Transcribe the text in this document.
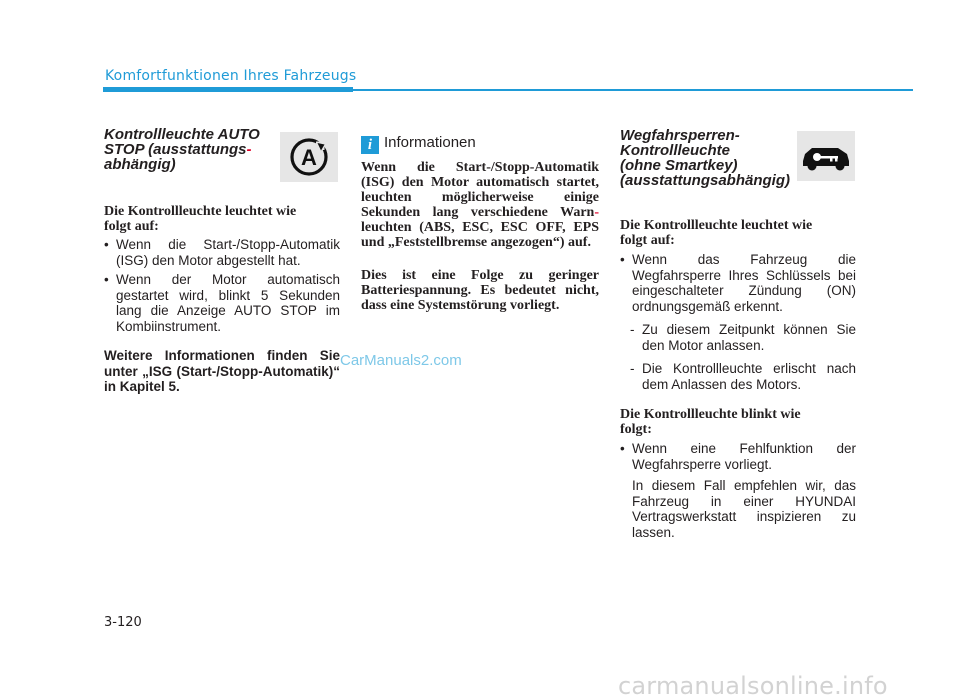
Komfortfunktionen Ihres Fahrzeugs
Kontrollleuchte AUTO
STOP (ausstattungs-
abhängig)	A
Die Kontrollleuchte leuchtet wie
folgt auf:
• Wenn die Start-/Stopp-Automatik (ISG) den Motor abgestellt hat.
• Wenn der Motor automatisch gestartet wird, blinkt 5 Sekunden lang die Anzeige AUTO STOP im Kombiinstrument.
Weitere Informationen finden Sie unter „ISG (Start-/Stopp-Automatik)“ in Kapitel 5.
i Informationen
Wenn die Start-/Stopp-Automatik (ISG) den Motor automatisch startet, leuchten möglicherweise einige Sekunden lang verschiedene Warn- leuchten (ABS, ESC, ESC OFF, EPS und „Feststellbremse angezogen“) auf.
Dies ist eine Folge zu geringer Batteriespannung. Es bedeutet nicht, dass eine Systemstörung vorliegt.
Wegfahrsperren-
Kontrollleuchte
(ohne Smartkey)
(ausstattungsabhängig)
Die Kontrollleuchte leuchtet wie
folgt auf:
• Wenn das Fahrzeug die Wegfahrsperre Ihres Schlüssels bei eingeschalteter Zündung (ON) ordnungsgemäß erkennt.
- Zu diesem Zeitpunkt können Sie den Motor anlassen.
- Die Kontrollleuchte erlischt nach dem Anlassen des Motors.
Die Kontrollleuchte blinkt wie
folgt:
• Wenn eine Fehlfunktion der Wegfahrsperre vorliegt.
In diesem Fall empfehlen wir, das Fahrzeug in einer HYUNDAI Vertragswerkstatt inspizieren zu lassen.
CarManuals2.com
3-120
carmanualsonline.info
